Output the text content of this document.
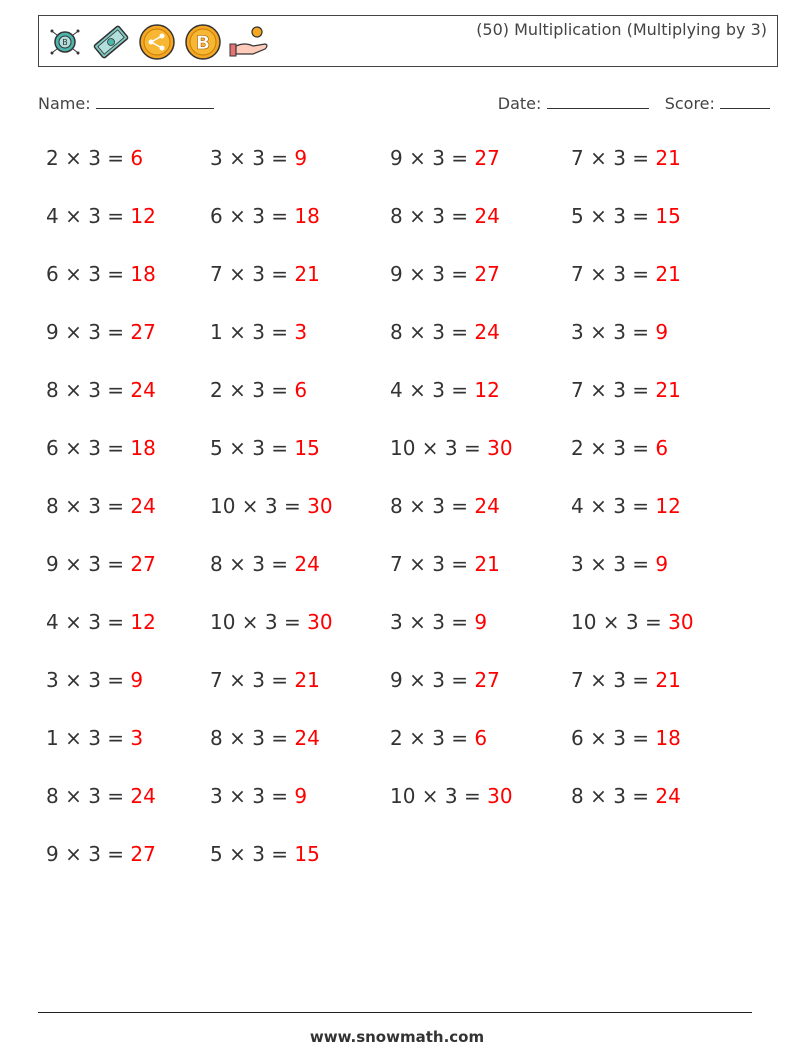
B	B
(50) Multiplication (Multiplying by 3)
Name:	Date:	Score:
2 × 3 = 6	3 × 3 = 9	9 × 3 = 27	7 × 3 = 21
4 × 3 = 12	6 × 3 = 18	8 × 3 = 24	5 × 3 = 15
6 × 3 = 18	7 × 3 = 21	9 × 3 = 27	7 × 3 = 21
9 × 3 = 27	1 × 3 = 3	8 × 3 = 24	3 × 3 = 9
8 × 3 = 24	2 × 3 = 6	4 × 3 = 12	7 × 3 = 21
6 × 3 = 18	5 × 3 = 15	10 × 3 = 30	2 × 3 = 6
8 × 3 = 24	10 × 3 = 30	8 × 3 = 24	4 × 3 = 12
9 × 3 = 27	8 × 3 = 24	7 × 3 = 21	3 × 3 = 9
4 × 3 = 12	10 × 3 = 30	3 × 3 = 9	10 × 3 = 30
3 × 3 = 9	7 × 3 = 21	9 × 3 = 27	7 × 3 = 21
1 × 3 = 3	8 × 3 = 24	2 × 3 = 6	6 × 3 = 18
8 × 3 = 24	3 × 3 = 9	10 × 3 = 30	8 × 3 = 24
9 × 3 = 27	5 × 3 = 15
www.snowmath.com
